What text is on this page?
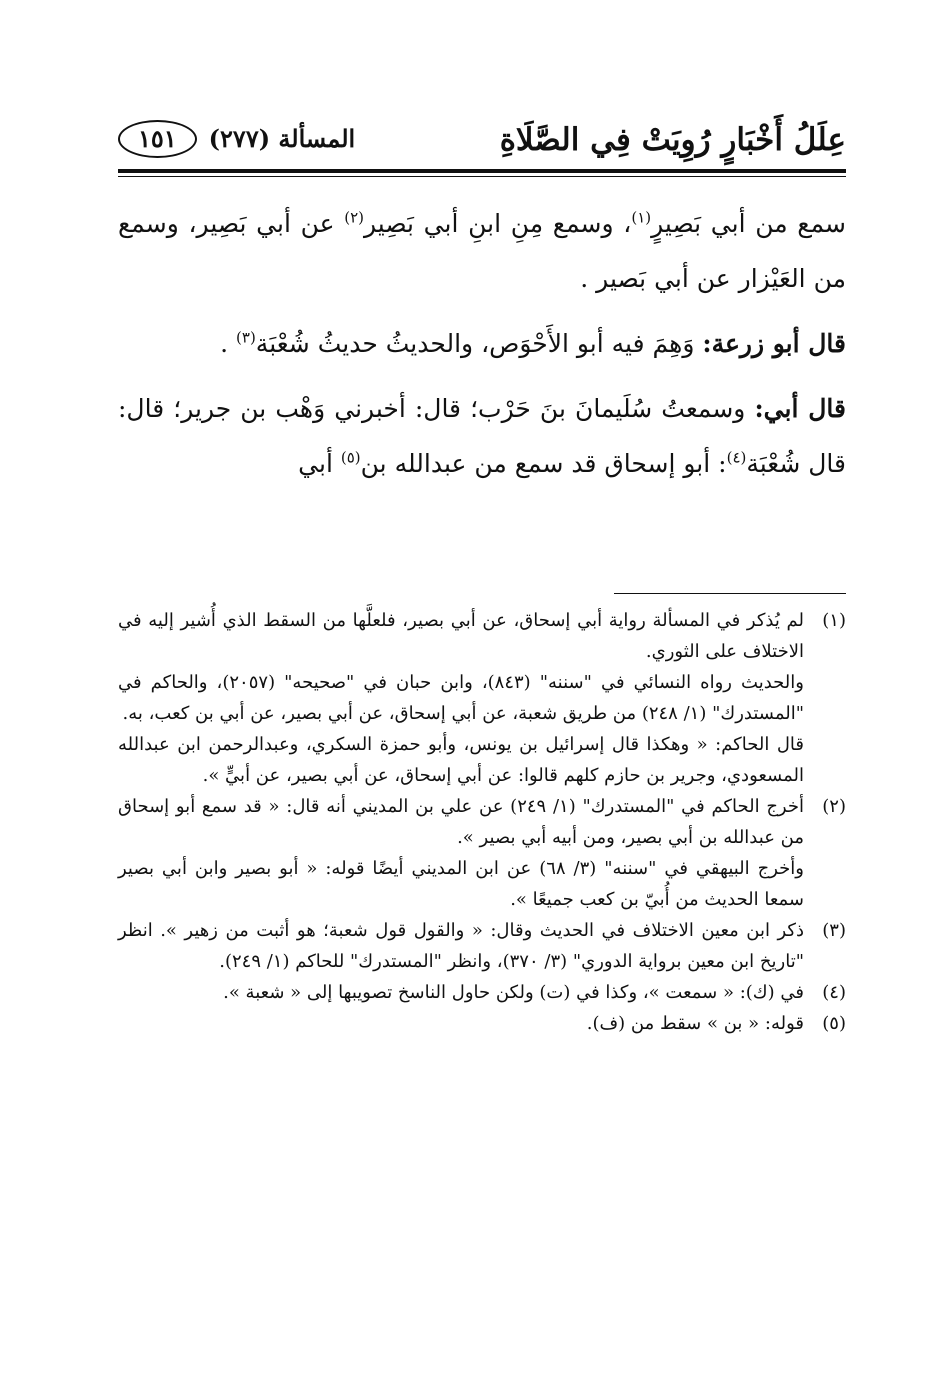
عِلَلُ أَخْبَارٍ رُوِيَتْ فِي الصَّلَاةِ
المسألة (٢٧٧)
١٥١

سمع من أبي بَصِيرٍ$^{(١)}$، وسمع مِنِ ابنِ أبي بَصِير$^{(٢)}$ عن أبي بَصِير، وسمع من العَيْزار عن أبي بَصير .

قال أبو زرعة: وَهِمَ فيه أبو الأَحْوَص، والحديثُ حديثُ شُعْبَة$^{(٣)}$ .

قال أبي: وسمعتُ سُلَيمانَ بنَ حَرْب؛ قال: أخبرني وَهْب بن جرير؛ قال: قال شُعْبَة$^{(٤)}$: أبو إسحاق قد سمع من عبدالله بن$^{(٥)}$ أبي

(١)

لم يُذكر في المسألة رواية أبي إسحاق، عن أبي بصير، فلعلَّها من السقط الذي أُشير إليه في الاختلاف على الثوري.

والحديث رواه النسائي في "سننه" (٨٤٣)، وابن حبان في "صحيحه" (٢٠٥٧)، والحاكم في "المستدرك" (١/ ٢٤٨) من طريق شعبة، عن أبي إسحاق، عن أبي بصير، عن أبي بن كعب، به.

قال الحاكم: « وهكذا قال إسرائيل بن يونس، وأبو حمزة السكري، وعبدالرحمن ابن عبدالله المسعودي، وجرير بن حازم كلهم قالوا: عن أبي إسحاق، عن أبي بصير، عن أبيٍّ ».

(٢)

أخرج الحاكم في "المستدرك" (١/ ٢٤٩) عن علي بن المديني أنه قال: « قد سمع أبو إسحاق من عبدالله بن أبي بصير، ومن أبيه أبي بصير ».

وأخرج البيهقي في "سننه" (٣/ ٦٨) عن ابن المديني أيضًا قوله: « أبو بصير وابن أبي بصير سمعا الحديث من أُبيّ بن كعب جميعًا ».

(٣)

ذكر ابن معين الاختلاف في الحديث وقال: « والقول قول شعبة؛ هو أثبت من زهير ». انظر "تاريخ ابن معين برواية الدوري" (٣/ ٣٧٠)، وانظر "المستدرك" للحاكم (١/ ٢٤٩).

(٤)

في (ك): « سمعت »، وكذا في (ت) ولكن حاول الناسخ تصويبها إلى « شعبة ».

(٥)

قوله: « بن » سقط من (ف).
